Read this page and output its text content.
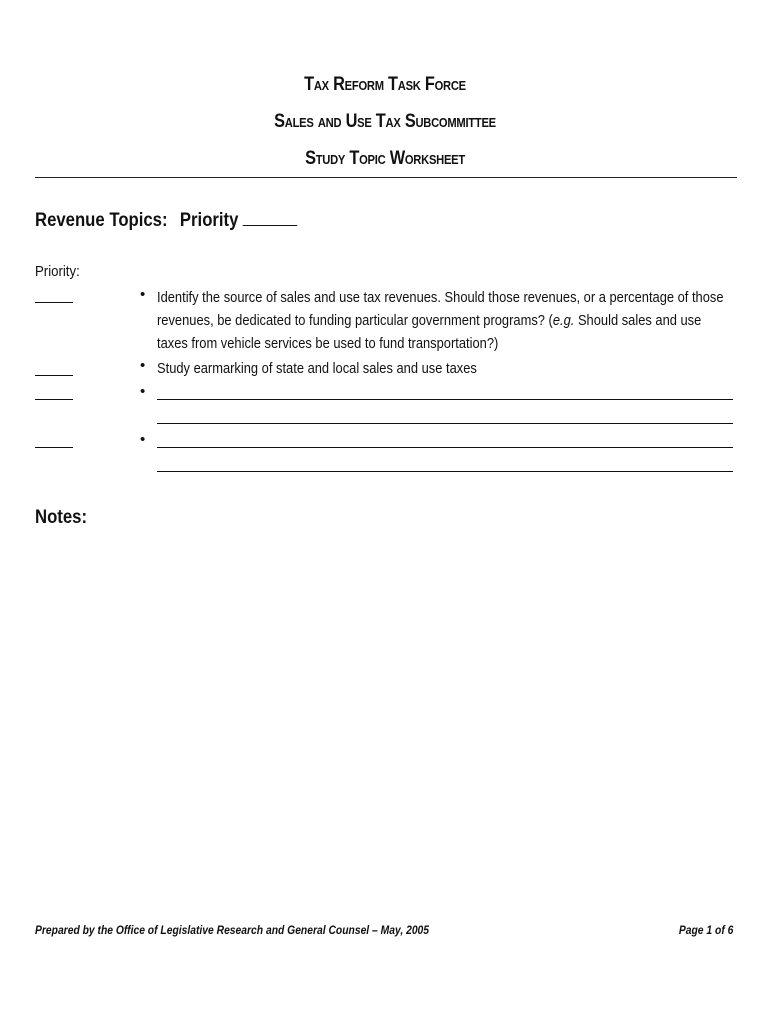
Tax Reform Task Force
Sales and Use Tax Subcommittee
Study Topic Worksheet
Revenue Topics: Priority
Priority:
• Identify the source of sales and use tax revenues. Should those revenues, or a percentage of those revenues, be dedicated to funding particular government programs? (e.g. Should sales and use taxes from vehicle services be used to fund transportation?)
• Study earmarking of state and local sales and use taxes
•
•
Notes:
Prepared by the Office of Legislative Research and General Counsel – May, 2005	Page 1 of 6
